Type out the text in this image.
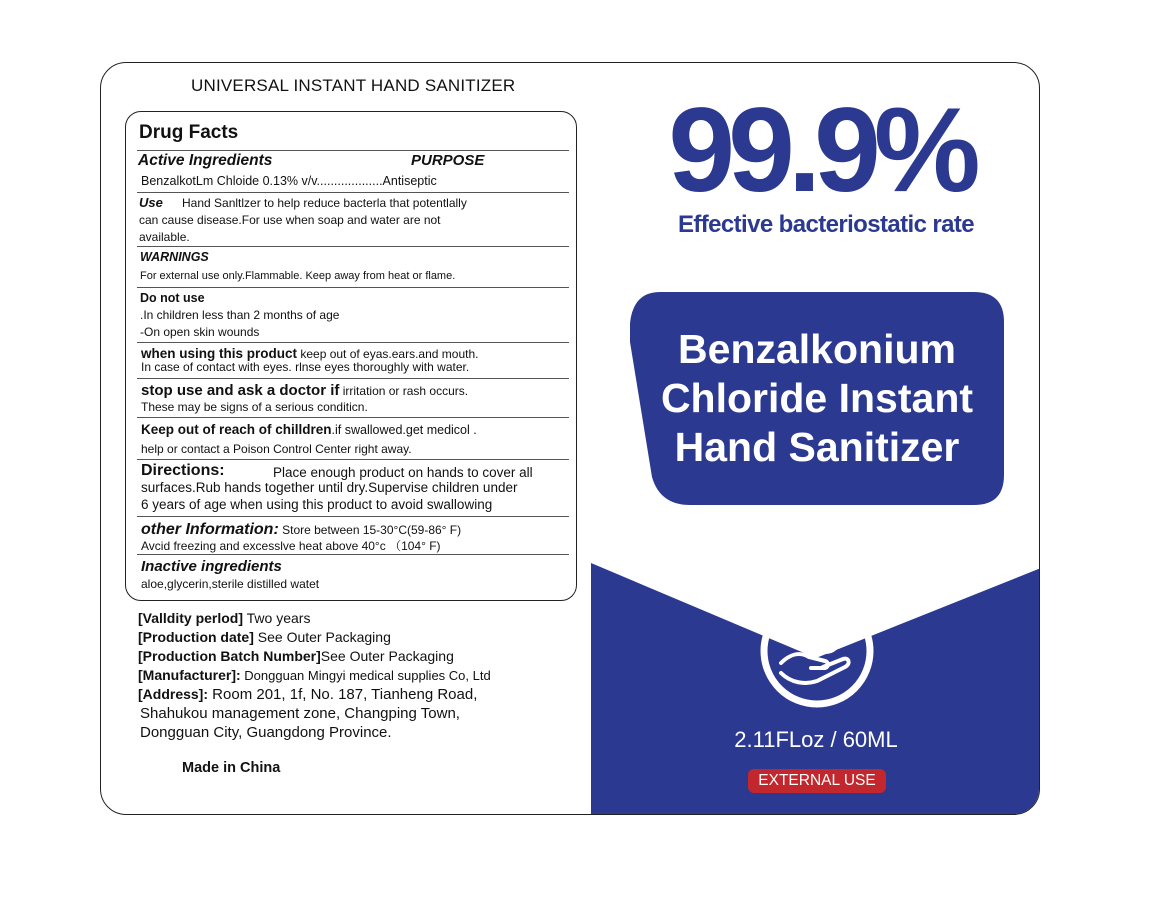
UNIVERSAL INSTANT HAND SANITIZER
Drug Facts
Active Ingredients	PURPOSE
BenzalkotLm Chloide 0.13% v/v...................Antiseptic
Use Hand Sanltlzer to help reduce bacterla that potentlally
can cause disease.For use when soap and water are not
available.
WARNINGS
For external use only.Flammable. Keep away from heat or flame.
Do not use
.In children less than 2 months of age
-On open skin wounds
when using this product keep out of eyas.ears.and mouth.
In case of contact with eyes. rlnse eyes thoroughly with water.
stop use and ask a doctor if irritation or rash occurs.
These may be signs of a serious conditicn.
Keep out of reach of chilldren.if swallowed.get medicol .
help or contact a Poison Control Center right away.
Directions:	Place enough product on hands to cover all
surfaces.Rub hands together until dry.Supervise children under
6 years of age when using this product to avoid swallowing
other Information: Store between 15-30°C(59-86° F)
Avcid freezing and excesslve heat above 40°c （104° F)
Inactive ingredients
aloe,glycerin,sterile distilled watet
[Valldity perlod] Two years
[Production date] See Outer Packaging
[Production Batch Number]See Outer Packaging
[Manufacturer]: Dongguan Mingyi medical supplies Co, Ltd
[Address]: Room 201, 1f, No. 187, Tianheng Road,
Shahukou management zone, Changping Town,
Dongguan City, Guangdong Province.
Made in China
99.9%
Effective bacteriostatic rate
Benzalkonium
Chloride Instant
Hand Sanitizer
2.11FLoz / 60ML
EXTERNAL USE
